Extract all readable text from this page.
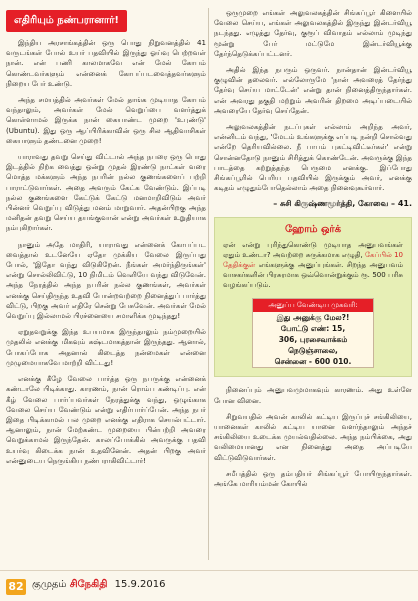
எதிரியும் நண்பரானார்!

இந்திய அரசாங்கத்தின் ஒரு பொது நிறுவனத்தில் 41 வருடங்கள் போல் உயர் பதவியில் இருந்து ஓய்வு பெற்றவள் நான். என் பணி காலமாகவே என் மேல் கோபம் கொண்டவர்களும் என்னைக் கோபப்படவைத்தவர்களும் நிறைய பேர் உண்டு.

அந்த சமயத்தில் அவர்கள் மேல் தாங்க முடியாத கோபம் வந்தாலும், அவர்கள் மேல் வெறுப்பை வளர்த்துக் கொள்ளாமல் இருக்க நான் கையாண்ட முறை 'உபுண்டு' (Ubuntu). இது ஒரு ஆப்பிரிக்காவின் ஒரு சில ஆதிவாசிகள் கையாளும் தண்டனை முறை!

யாராவது தவறு செய்து விட்டால் அந்த நபரை ஒரு பொது இடத்தில் நிற்க வைத்து ஒன்று முதல் இரண்டு நாட்கள் வரை மொத்த மக்களும் அந்த நபரின் நல்ல குணங்களைப் பற்றி பாராட்டுவார்கள். அதை அவரும் கேட்க வேண்டும். இப்படி நல்ல குணங்களை கேட்டுக் கேட்டு மனமாறிவிடும் அவர் பின்னர் வெறுப்பு விடுத்து மனம் மாறுவார். அதன்பிறகு அந்த மனிதன் தவறு செய்ய தயங்குவான் என்று அவர்கள் உறுதியாக நம்புகிறார்கள்.

நானும் அதே மாதிரி, யாராவது என்னைக் கோபப்பட வைத்தால் உடனேயே ஏதோ முக்கிய வேலை இருப்பது போல், 'இதோ வந்து விடுகிறேன். நீங்கள் அமர்ந்திருங்கள்' என்று சொல்லிவிட்டு, 10 நிமிடம் வெளியே வந்து விடுவேன். அந்த நேரத்தில் அந்த நபரின் நல்ல குணங்கள், அவர்கள் எனக்கு செய்திருந்த உதவி போன்றவற்றை நினைத்துப் பார்த்து விட்டு, பிறகு அவர் எதிரே சென்று பேசுவேன். அவர்கள் மேல் வெறுப்பு இல்லாமல் பிரச்னையை சமாளிக்க முடிந்தது!

ஏறுதவறுக்கு இந்த உபயமாக இருந்தாலும் நம்முறையில் முதலில் எனக்கு மிகவும் கஷ்டமாகத்தான் இருந்தது. ஆனால், போகப்போக அதனால் கிடைத்த நன்மைகள் என்னை முழுமையாகவே மாற்றி விட்டது!

எனக்கு கீழே வேலை பார்த்த ஒரு நபருக்கு என்னைக் கண்டாலே பிடிக்காது. காரணம், நான் ரொம்ப கண்டிப்பு. என் கீழ் வேலை பார்ப்பவர்கள் நேரத்துக்கு வந்து, ஒழுங்காக வேலை செய்ய வேண்டும் என்று எதிர்பார்ப்பேன். அந்த நபர் இதை பிடிக்காமல் பல முறை எனக்கு எதிராக செயல்பட்டார். ஆனாலும், நான் மேற்கண்ட முறையை பின்பற்றி அவரை வெறுக்காமல் இருந்தேன். காலப்போக்கில் அவருக்கு பதவி உயர்வு கிடைக்க நான் உதவினேன். அதன் பிறகு அவர் என்னுடைய நெருங்கிய நண்பராகிவிட்டார்!

ஒருமுறை எங்கள் அலுவலகத்தின் சிங்கப்பூர் கிளையில் வேலை செய்ய, எங்கள் அலுவலகத்தில் இருந்து இன்டர்வியூ நடந்தது. எழுத்து தேர்வு, குரூப் விவாதம் எல்லாம் முடிந்து மூன்று பேர் மட்டுமே இன்டர்வியூக்கு தேர்ந்தெடுக்கப்பட்டனர்.

அதில் இந்த நபரும் ஒருவர். நான்தான் இன்டர்வியூ குழுவின் தலைவர். எல்லோருமே 'நான் அவரைத் தேர்ந்து தேர்வு செய்ய மாட்டேன்' என்று தான் நினைத்திருந்தார்கள். என் அவரது தகுதி மற்றும் அவரின் திறமை அடிப்படையில் அவரையே தேர்வு செய்தேன்.

அலுவலகத்தின் நடப்புகள் எல்லாம் அறிந்த அவர், என்னிடம் வந்து, 'மேடம் உங்களுக்கு எப்படி நன்றி சொல்வது என்றே தெரியவில்லை. நீ பாபம் புகட்டிவிட்டீர்கள்' என்று சொன்னதோடு நானும் சிரித்துக் கொண்டேன். அவருக்கு இந்த பாடத்தை கற்றுத்தந்த பெருமை எனக்கு. இப்போது சிங்கப்பூரில் பெரிய பதவியில் இருக்கும் அவர், எனக்கு கடிதம் எழுதும்போதெல்லாம் அதை நினைவுகூர்வார்.

– சுசி கிருஷ்ணமூர்த்தி, கோவை – 41.
ஹோம் ஒர்க்
ஏன் என்று புரிந்துகொண்டு முடியாத அனுபவங்கள் ஏதும் உண்டா? அவற்றை சுருக்கமாக எழுதி, கேப்பில் 10 தேதிக்குள் எங்களுக்கு அனுப்புங்கள். சிறந்த அனுபவம் வாசகர்களின் பிரசுரமாக ஒவ்வொன்றுக்கும் ரூ. 500 பரிசு வழங்கப்படும்.
அனுப்ப வேண்டிய முகவரி:
இது அனுக்கு மேல?!
போட்டு எண்: 15,
306, புரசைவாக்கம் நெடுஞ்சாலை,
சென்னை - 600 010.

நினைப்பும் அனுபவமுமாகவும் காரணம். அது உள்ளே போன வினை.

சிறுவயதில் அவன் காலில் கட்டிய இருப்புச் சங்கிலியை, யானைகள் காலில் கட்டிய யானை வளர்ந்தாலும் அந்தச் சங்கிலியை உடைக்க முயல்வதில்லை. அந்த நம்பிக்கை, அது வலிமையானது என நினைத்து அதை அப்படியே விட்டுவிடுவார்கள்.

சமீபத்தில் ஒரு தம்பதியர் சிங்கப்பூர் போயிருந்தார்கள். அங்கே மாரியம்மன் கோயில்

82 குமுதம் சிநேகிதி 15.9.2016
